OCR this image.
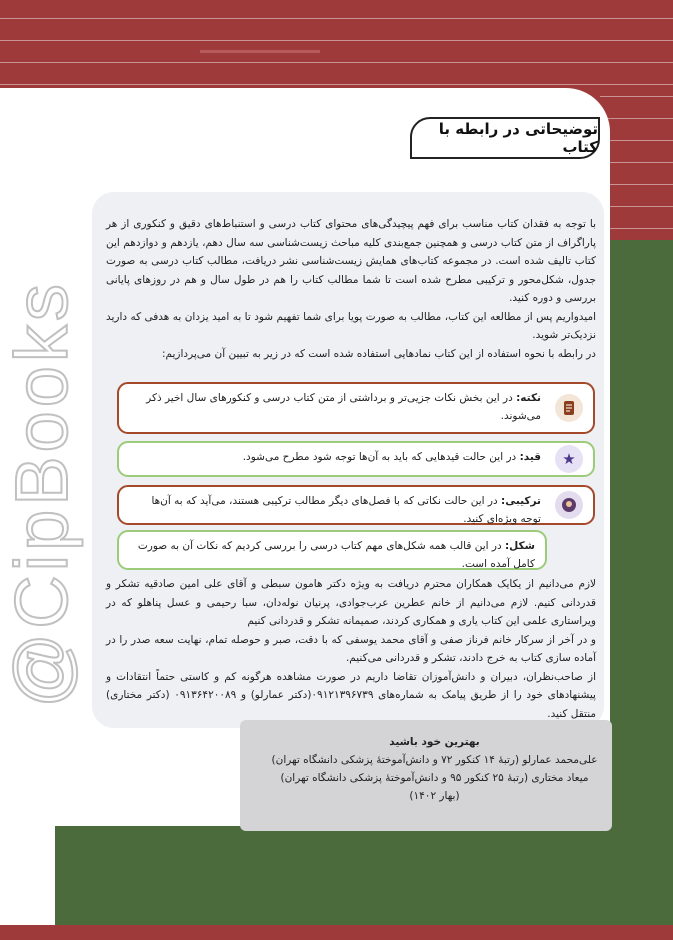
@CipBooks
توضیحاتی در رابطه با کتاب

با توجه به فقدان کتاب مناسب برای فهم پیچیدگی‌های محتوای کتاب درسی و استنباط‌های دقیق و کنکوری از هر پاراگراف از متن کتاب درسی و همچنین جمع‌بندی کلیه مباحث زیست‌شناسی سه سال دهم، یازدهم و دوازدهم این کتاب تالیف شده است. در مجموعه کتاب‌های همایش زیست‌شناسی نشر دریافت، مطالب کتاب درسی به صورت جدول، شکل‌محور و ترکیبی مطرح شده است تا شما مطالب کتاب را هم در طول سال و هم در روزهای پایانی بررسی و دوره کنید.

امیدواریم پس از مطالعه این کتاب، مطالب به صورت پویا برای شما تفهیم شود تا به امید یزدان به هدفی که دارید نزدیک‌تر شوید.

در رابطه با نحوه استفاده از این کتاب نمادهایی استفاده شده است که در زیر به تبیین آن می‌پردازیم:

نکته: در این بخش نکات جزیی‌تر و برداشتی از متن کتاب درسی و کنکورهای سال اخیر ذکر می‌شوند.
★
قید: در این حالت قیدهایی که باید به آن‌ها توجه شود مطرح می‌شود.
ترکیبی: در این حالت نکاتی که با فصل‌های دیگر مطالب ترکیبی هستند، می‌آید که به آن‌ها توجه ویژه‌ای کنید.
شکل: در این قالب همه شکل‌های مهم کتاب درسی را بررسی کردیم که نکات آن به صورت کامل آمده است.

لازم می‌دانیم از یکایک همکاران محترم دریافت به ویژه دکتر هامون سبطی و آقای علی امین صادقیه تشکر و قدردانی کنیم. لازم می‌دانیم از خانم عطرین عرب‌جوادی، پرنیان نوله‌دان، سبا رحیمی و عسل پناهلو که در ویراستاری علمی این کتاب یاری و همکاری کردند، صمیمانه تشکر و قدردانی کنیم

و در آخر از سرکار خانم فرناز صفی و آقای محمد یوسفی که با دقت، صبر و حوصله تمام، نهایت سعه صدر را در آماده سازی کتاب به خرج دادند، تشکر و قدردانی می‌کنیم.

از صاحب‌نظران، دبیران و دانش‌آموزان تقاضا داریم در صورت مشاهده هرگونه کم و کاستی حتماً انتقادات و پیشنهادهای خود را از طریق پیامک به شماره‌های ۰۹۱۲۱۳۹۶۷۳۹(دکتر عمارلو) و ۰۹۱۳۶۴۲۰۰۸۹ (دکتر مختاری) منتقل کنید.

بهترین خود باشید
علی‌محمد عمارلو (رتبهٔ ۱۴ کنکور ۷۲ و دانش‌آموختهٔ پزشکی دانشگاه تهران)
میعاد مختاری (رتبهٔ ۲۵ کنکور ۹۵ و دانش‌آموختهٔ پزشکی دانشگاه تهران)
(بهار ۱۴۰۲)
